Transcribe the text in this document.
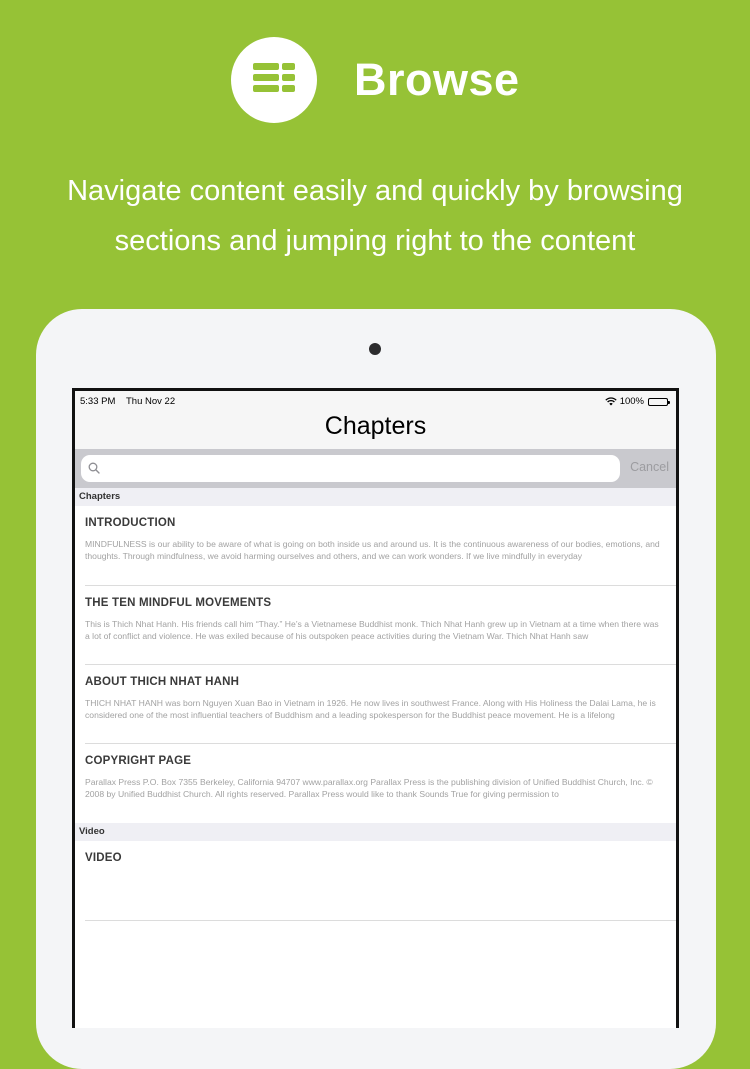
Browse
Navigate content easily and quickly by browsing sections and jumping right to the content
5:33 PM Thu Nov 22	100%
Chapters
Cancel
Chapters
INTRODUCTION

MINDFULNESS is our ability to be aware of what is going on both inside us and around us. It is the continuous awareness of our bodies, emotions, and thoughts. Through mindfulness, we avoid harming ourselves and others, and we can work wonders. If we live mindfully in everyday

THE TEN MINDFUL MOVEMENTS

This is Thich Nhat Hanh. His friends call him “Thay.” He’s a Vietnamese Buddhist monk. Thich Nhat Hanh grew up in Vietnam at a time when there was a lot of conflict and violence. He was exiled because of his outspoken peace activities during the Vietnam War. Thich Nhat Hanh saw

ABOUT THICH NHAT HANH

THICH NHAT HANH was born Nguyen Xuan Bao in Vietnam in 1926. He now lives in southwest France. Along with His Holiness the Dalai Lama, he is considered one of the most influential teachers of Buddhism and a leading spokesperson for the Buddhist peace movement. He is a lifelong

COPYRIGHT PAGE

Parallax Press P.O. Box 7355 Berkeley, California 94707 www.parallax.org Parallax Press is the publishing division of Unified Buddhist Church, Inc. © 2008 by Unified Buddhist Church. All rights reserved. Parallax Press would like to thank Sounds True for giving permission to

Video
VIDEO
